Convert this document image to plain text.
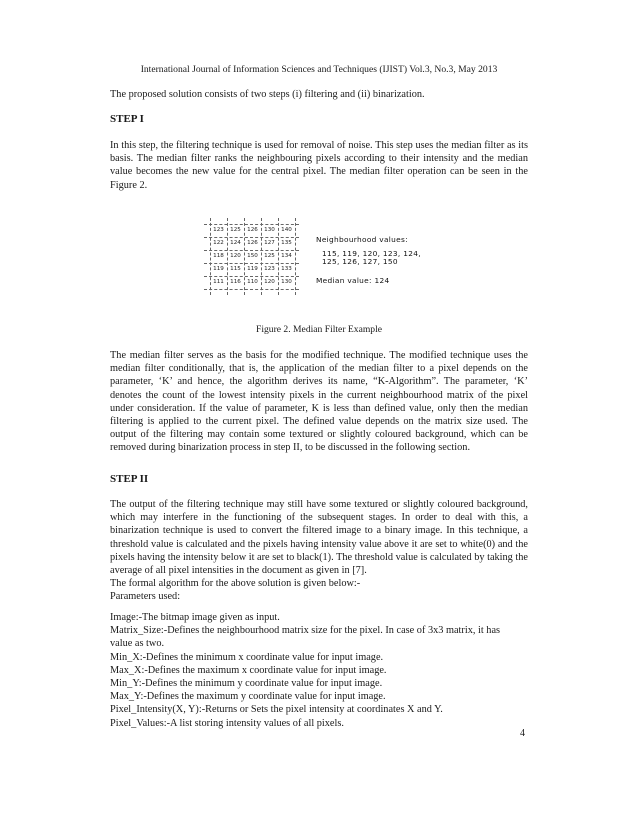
International Journal of Information Sciences and Techniques (IJIST) Vol.3, No.3, May 2013

The proposed solution consists of two steps (i) filtering and (ii) binarization.

STEP I

In this step, the filtering technique is used for removal of noise. This step uses the median filter as its basis. The median filter ranks the neighbouring pixels according to their intensity and the median value becomes the new value for the central pixel. The median filter operation can be seen in the Figure 2.

123	125	126	130	140
122	124	126	127	135
118	120	150	125	134
119	115	119	123	133
111	116	110	120	130
Neighbourhood values:
115, 119, 120, 123, 124,
125, 126, 127, 150
Median value: 124
Figure 2. Median Filter Example

The median filter serves as the basis for the modified technique. The modified technique uses the median filter conditionally, that is, the application of the median filter to a pixel depends on the parameter, ‘K’ and hence, the algorithm derives its name, “K-Algorithm”. The parameter, ‘K’ denotes the count of the lowest intensity pixels in the current neighbourhood matrix of the pixel under consideration. If the value of parameter, K is less than defined value, only then the median filtering is applied to the current pixel. The defined value depends on the matrix size used. The output of the filtering may contain some textured or slightly coloured background, which can be removed during binarization process in step II, to be discussed in the following section.

STEP II

The output of the filtering technique may still have some textured or slightly coloured background, which may interfere in the functioning of the subsequent stages. In order to deal with this, a binarization technique is used to convert the filtered image to a binary image. In this technique, a threshold value is calculated and the pixels having intensity value above it are set to white(0) and the pixels having the intensity below it are set to black(1). The threshold value is calculated by taking the average of all pixel intensities in the document as given in [7].

The formal algorithm for the above solution is given below:-

Parameters used:

Image:-The bitmap image given as input.

Matrix_Size:-Defines the neighbourhood matrix size for the pixel. In case of 3x3 matrix, it has

value as two.

Min_X:-Defines the minimum x coordinate value for input image.

Max_X:-Defines the maximum x coordinate value for input image.

Min_Y:-Defines the minimum y coordinate value for input image.

Max_Y:-Defines the maximum y coordinate value for input image.

Pixel_Intensity(X, Y):-Returns or Sets the pixel intensity at coordinates X and Y.

Pixel_Values:-A list storing intensity values of all pixels.

4
